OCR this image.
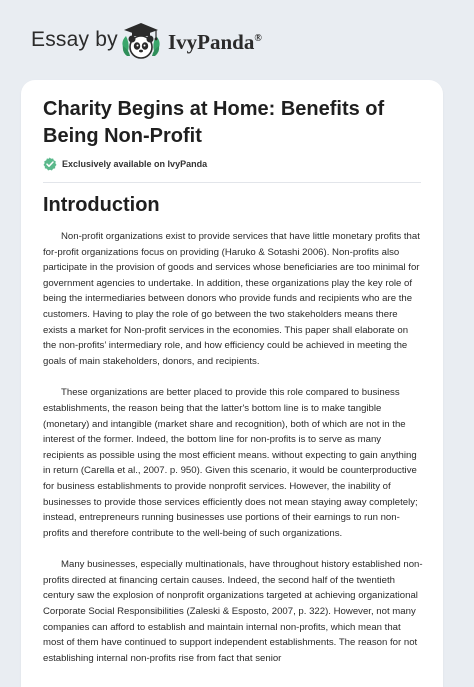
Essay by IvyPanda®
Charity Begins at Home: Benefits of Being Non-Profit
Exclusively available on IvyPanda
Introduction

Non-profit organizations exist to provide services that have little monetary profits that for-profit organizations focus on providing (Haruko & Sotashi 2006). Non-profits also participate in the provision of goods and services whose beneficiaries are too minimal for government agencies to undertake. In addition, these organizations play the key role of being the intermediaries between donors who provide funds and recipients who are the customers. Having to play the role of go between the two stakeholders means there exists a market for Non-profit services in the economies. This paper shall elaborate on the non-profits’ intermediary role, and how efficiency could be achieved in meeting the goals of main stakeholders, donors, and recipients.

These organizations are better placed to provide this role compared to business establishments, the reason being that the latter's bottom line is to make tangible (monetary) and intangible (market share and recognition), both of which are not in the interest of the former. Indeed, the bottom line for non-profits is to serve as many recipients as possible using the most efficient means. without expecting to gain anything in return (Carella et al., 2007. p. 950). Given this scenario, it would be counterproductive for business establishments to provide nonprofit services. However, the inability of businesses to provide those services efficiently does not mean staying away completely; instead, entrepreneurs running businesses use portions of their earnings to run non-profits and therefore contribute to the well-being of such organizations.

Many businesses, especially multinationals, have throughout history established non-profits directed at financing certain causes. Indeed, the second half of the twentieth century saw the explosion of nonprofit organizations targeted at achieving organizational Corporate Social Responsibilities (Zaleski & Esposto, 2007, p. 322). However, not many companies can afford to establish and maintain internal non-profits, which mean that most of them have continued to support independent establishments. The reason for not establishing internal non-profits rise from fact that senior
